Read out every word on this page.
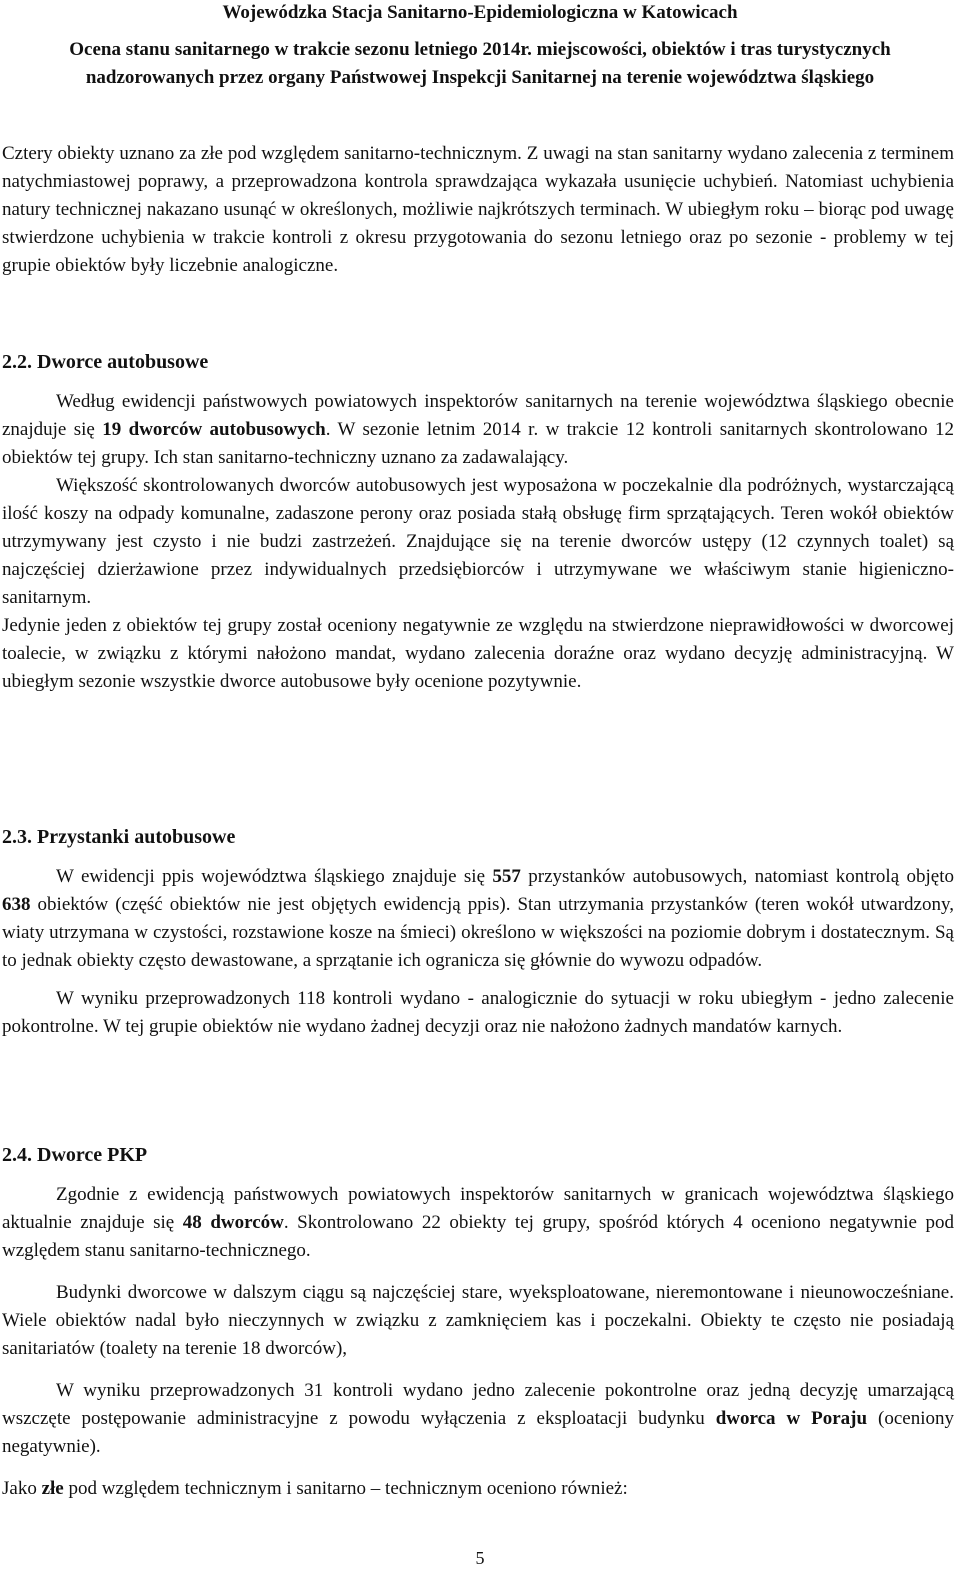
Wojewódzka Stacja Sanitarno-Epidemiologiczna w Katowicach
Ocena stanu sanitarnego w trakcie sezonu letniego 2014r. miejscowości, obiektów i tras turystycznych nadzorowanych przez organy Państwowej Inspekcji Sanitarnej na terenie województwa śląskiego

Cztery obiekty uznano za złe pod względem sanitarno-technicznym. Z uwagi na stan sanitarny wydano zalecenia z terminem natychmiastowej poprawy, a przeprowadzona kontrola sprawdzająca wykazała usunięcie uchybień. Natomiast uchybienia natury technicznej nakazano usunąć w określonych, możliwie najkrótszych terminach. W ubiegłym roku – biorąc pod uwagę stwierdzone uchybienia w trakcie kontroli z okresu przygotowania do sezonu letniego oraz po sezonie - problemy w tej grupie obiektów były liczebnie analogiczne.

2.2. Dworce autobusowe

Według ewidencji państwowych powiatowych inspektorów sanitarnych na terenie województwa śląskiego obecnie znajduje się 19 dworców autobusowych. W sezonie letnim 2014 r. w trakcie 12 kontroli sanitarnych skontrolowano 12 obiektów tej grupy. Ich stan sanitarno-techniczny uznano za zadawalający.

Większość skontrolowanych dworców autobusowych jest wyposażona w poczekalnie dla podróżnych, wystarczającą ilość koszy na odpady komunalne, zadaszone perony oraz posiada stałą obsługę firm sprzątających. Teren wokół obiektów utrzymywany jest czysto i nie budzi zastrzeżeń. Znajdujące się na terenie dworców ustępy (12 czynnych toalet) są najczęściej dzierżawione przez indywidualnych przedsiębiorców i utrzymywane we właściwym stanie higieniczno-sanitarnym.

Jedynie jeden z obiektów tej grupy został oceniony negatywnie ze względu na stwierdzone nieprawidłowości w dworcowej toalecie, w związku z którymi nałożono mandat, wydano zalecenia doraźne oraz wydano decyzję administracyjną. W ubiegłym sezonie wszystkie dworce autobusowe były ocenione pozytywnie.

2.3. Przystanki autobusowe

W ewidencji ppis województwa śląskiego znajduje się 557 przystanków autobusowych, natomiast kontrolą objęto 638 obiektów (część obiektów nie jest objętych ewidencją ppis). Stan utrzymania przystanków (teren wokół utwardzony, wiaty utrzymana w czystości, rozstawione kosze na śmieci) określono w większości na poziomie dobrym i dostatecznym. Są to jednak obiekty często dewastowane, a sprzątanie ich ogranicza się głównie do wywozu odpadów.

W wyniku przeprowadzonych 118 kontroli wydano - analogicznie do sytuacji w roku ubiegłym - jedno zalecenie pokontrolne. W tej grupie obiektów nie wydano żadnej decyzji oraz nie nałożono żadnych mandatów karnych.

2.4. Dworce PKP

Zgodnie z ewidencją państwowych powiatowych inspektorów sanitarnych w granicach województwa śląskiego aktualnie znajduje się 48 dworców. Skontrolowano 22 obiekty tej grupy, spośród których 4 oceniono negatywnie pod względem stanu sanitarno-technicznego.

Budynki dworcowe w dalszym ciągu są najczęściej stare, wyeksploatowane, nieremontowane i nieunowocześniane. Wiele obiektów nadal było nieczynnych w związku z zamknięciem kas i poczekalni. Obiekty te często nie posiadają sanitariatów (toalety na terenie 18 dworców),

W wyniku przeprowadzonych 31 kontroli wydano jedno zalecenie pokontrolne oraz jedną decyzję umarzającą wszczęte postępowanie administracyjne z powodu wyłączenia z eksploatacji budynku dworca w Poraju (oceniony negatywnie).

Jako złe pod względem technicznym i sanitarno – technicznym oceniono również:

5
